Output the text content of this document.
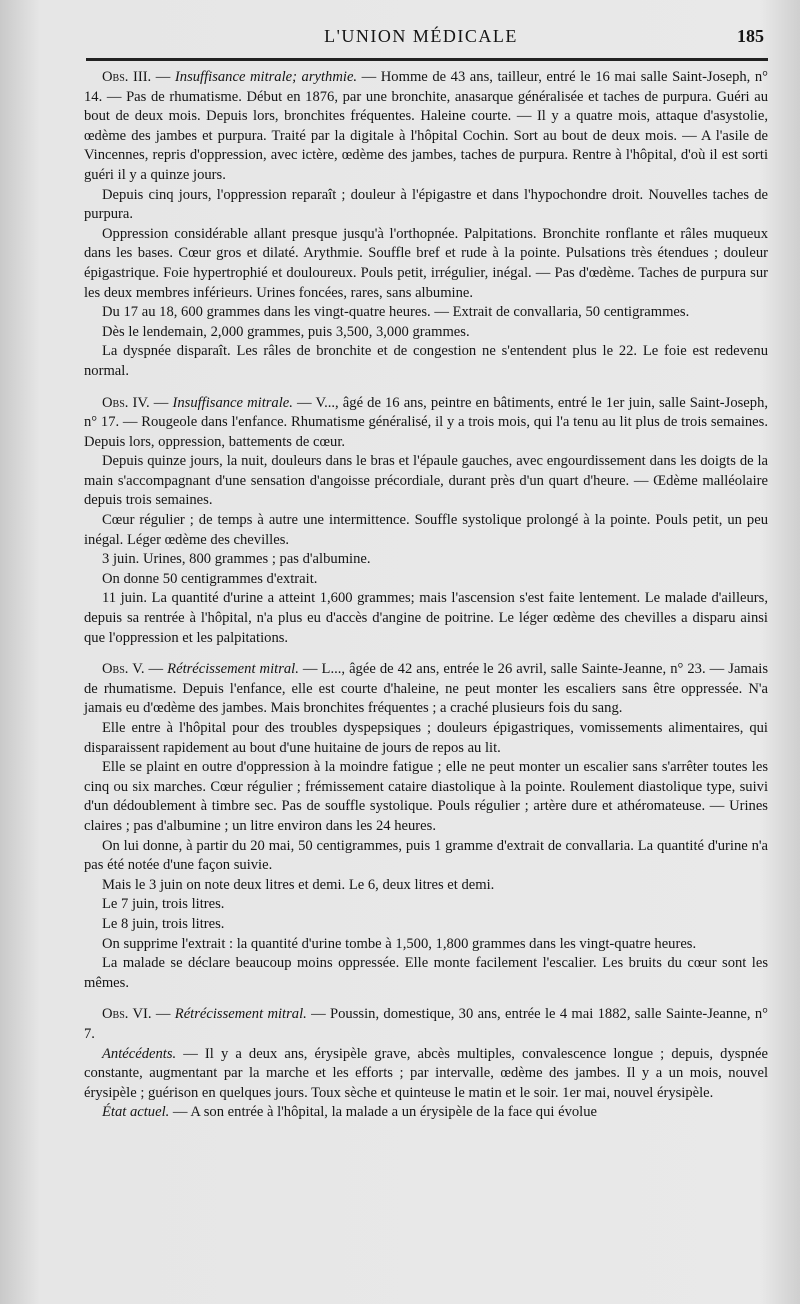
L'UNION MÉDICALE	185

Obs. III. — Insuffisance mitrale; arythmie. — Homme de 43 ans, tailleur, entré le 16 mai salle Saint-Joseph, n° 14. — Pas de rhumatisme. Début en 1876, par une bronchite, anasarque généralisée et taches de purpura. Guéri au bout de deux mois. Depuis lors, bronchites fréquentes. Haleine courte. — Il y a quatre mois, attaque d'asystolie, œdème des jambes et purpura. Traité par la digitale à l'hôpital Cochin. Sort au bout de deux mois. — A l'asile de Vincennes, repris d'oppression, avec ictère, œdème des jambes, taches de purpura. Rentre à l'hôpital, d'où il est sorti guéri il y a quinze jours.

Depuis cinq jours, l'oppression reparaît ; douleur à l'épigastre et dans l'hypochondre droit. Nouvelles taches de purpura.

Oppression considérable allant presque jusqu'à l'orthopnée. Palpitations. Bronchite ronflante et râles muqueux dans les bases. Cœur gros et dilaté. Arythmie. Souffle bref et rude à la pointe. Pulsations très étendues ; douleur épigastrique. Foie hypertrophié et douloureux. Pouls petit, irrégulier, inégal. — Pas d'œdème. Taches de purpura sur les deux membres inférieurs. Urines foncées, rares, sans albumine.

Du 17 au 18, 600 grammes dans les vingt-quatre heures. — Extrait de convallaria, 50 centigrammes.

Dès le lendemain, 2,000 grammes, puis 3,500, 3,000 grammes.

La dyspnée disparaît. Les râles de bronchite et de congestion ne s'entendent plus le 22. Le foie est redevenu normal.

Obs. IV. — Insuffisance mitrale. — V..., âgé de 16 ans, peintre en bâtiments, entré le 1er juin, salle Saint-Joseph, n° 17. — Rougeole dans l'enfance. Rhumatisme généralisé, il y a trois mois, qui l'a tenu au lit plus de trois semaines. Depuis lors, oppression, battements de cœur.

Depuis quinze jours, la nuit, douleurs dans le bras et l'épaule gauches, avec engourdissement dans les doigts de la main s'accompagnant d'une sensation d'angoisse précordiale, durant près d'un quart d'heure. — Œdème malléolaire depuis trois semaines.

Cœur régulier ; de temps à autre une intermittence. Souffle systolique prolongé à la pointe. Pouls petit, un peu inégal. Léger œdème des chevilles.

3 juin. Urines, 800 grammes ; pas d'albumine.

On donne 50 centigrammes d'extrait.

11 juin. La quantité d'urine a atteint 1,600 grammes; mais l'ascension s'est faite lentement. Le malade d'ailleurs, depuis sa rentrée à l'hôpital, n'a plus eu d'accès d'angine de poitrine. Le léger œdème des chevilles a disparu ainsi que l'oppression et les palpitations.

Obs. V. — Rétrécissement mitral. — L..., âgée de 42 ans, entrée le 26 avril, salle Sainte-Jeanne, n° 23. — Jamais de rhumatisme. Depuis l'enfance, elle est courte d'haleine, ne peut monter les escaliers sans être oppressée. N'a jamais eu d'œdème des jambes. Mais bronchites fréquentes ; a craché plusieurs fois du sang.

Elle entre à l'hôpital pour des troubles dyspepsiques ; douleurs épigastriques, vomissements alimentaires, qui disparaissent rapidement au bout d'une huitaine de jours de repos au lit.

Elle se plaint en outre d'oppression à la moindre fatigue ; elle ne peut monter un escalier sans s'arrêter toutes les cinq ou six marches. Cœur régulier ; frémissement cataire diastolique à la pointe. Roulement diastolique type, suivi d'un dédoublement à timbre sec. Pas de souffle systolique. Pouls régulier ; artère dure et athéromateuse. — Urines claires ; pas d'albumine ; un litre environ dans les 24 heures.

On lui donne, à partir du 20 mai, 50 centigrammes, puis 1 gramme d'extrait de convallaria. La quantité d'urine n'a pas été notée d'une façon suivie.

Mais le 3 juin on note deux litres et demi. Le 6, deux litres et demi.

Le 7 juin, trois litres.

Le 8 juin, trois litres.

On supprime l'extrait : la quantité d'urine tombe à 1,500, 1,800 grammes dans les vingt-quatre heures.

La malade se déclare beaucoup moins oppressée. Elle monte facilement l'escalier. Les bruits du cœur sont les mêmes.

Obs. VI. — Rétrécissement mitral. — Poussin, domestique, 30 ans, entrée le 4 mai 1882, salle Sainte-Jeanne, n° 7.

Antécédents. — Il y a deux ans, érysipèle grave, abcès multiples, convalescence longue ; depuis, dyspnée constante, augmentant par la marche et les efforts ; par intervalle, œdème des jambes. Il y a un mois, nouvel érysipèle ; guérison en quelques jours. Toux sèche et quinteuse le matin et le soir. 1er mai, nouvel érysipèle.

État actuel. — A son entrée à l'hôpital, la malade a un érysipèle de la face qui évolue
